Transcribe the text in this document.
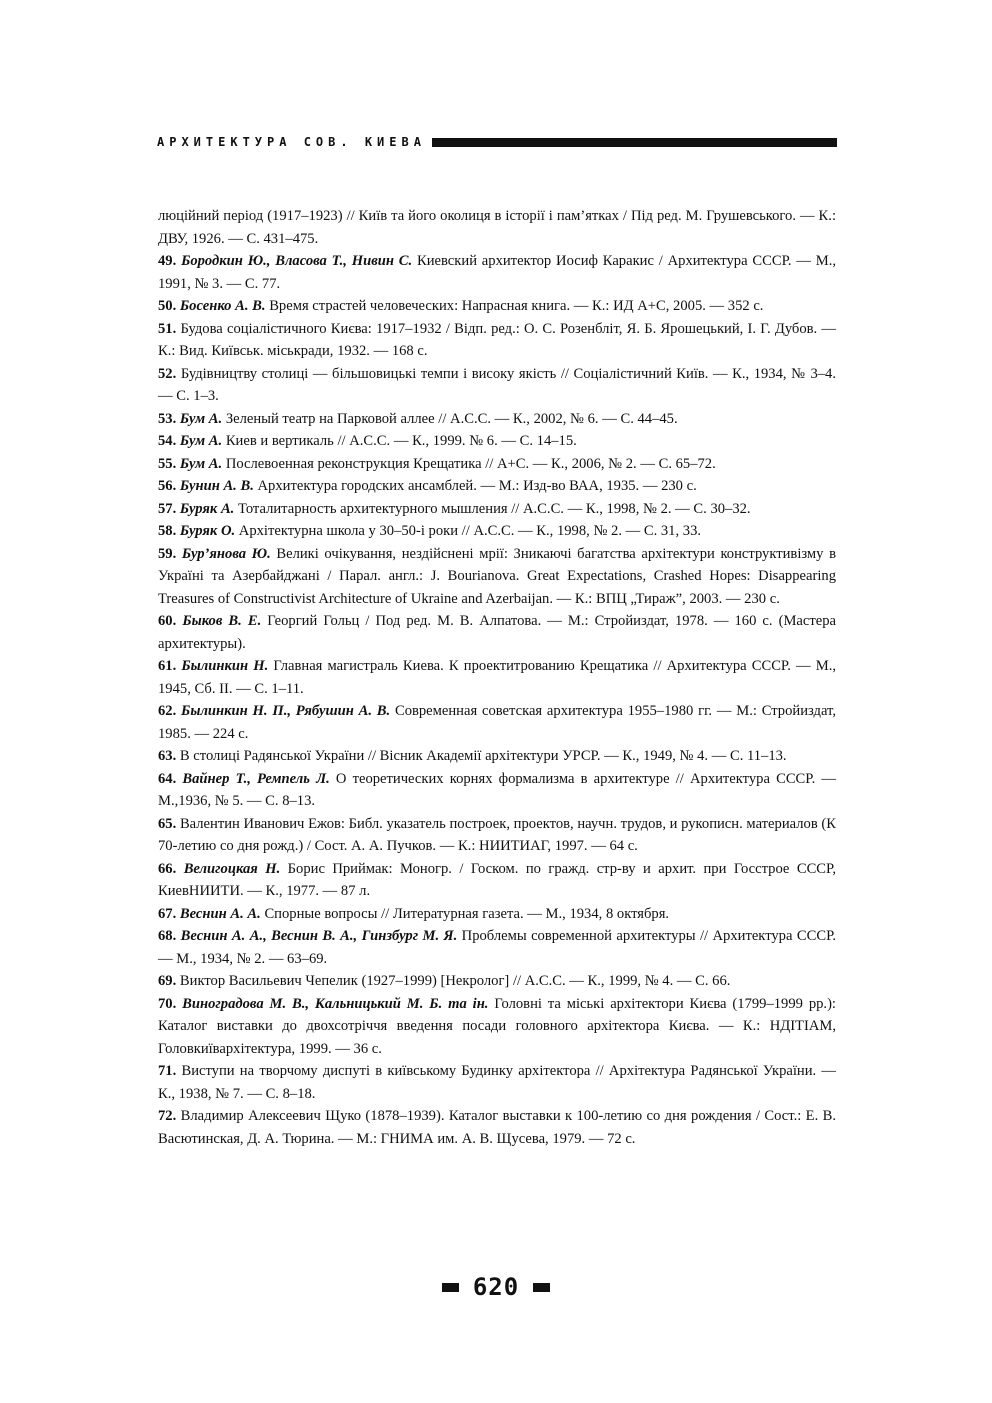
АРХИТЕКТУРА СОВ. КИЕВА

люційний період (1917–1923) // Київ та його околиця в історії і пам’ятках / Під ред. М. Грушевського. — К.: ДВУ, 1926. — С. 431–475.

49. Бородкин Ю., Власова Т., Нивин С. Киевский архитектор Иосиф Каракис / Архитектура СССР. — М., 1991, № 3. — С. 77.

50. Босенко А. В. Время страстей человеческих: Напрасная книга. — К.: ИД А+С, 2005. — 352 с.

51. Будова соціалістичного Києва: 1917–1932 / Відп. ред.: О. С. Розенбліт, Я. Б. Ярошецький, І. Г. Дубов. — К.: Вид. Київськ. міськради, 1932. — 168 с.

52. Будівництву столиці — більшовицькі темпи і високу якість // Соціалістичний Київ. — К., 1934, № 3–4. — С. 1–3.

53. Бум А. Зеленый театр на Парковой аллее // А.С.С. — К., 2002, № 6. — С. 44–45.

54. Бум А. Киев и вертикаль // А.С.С. — К., 1999. № 6. — С. 14–15.

55. Бум А. Послевоенная реконструкция Крещатика // А+С. — К., 2006, № 2. — С. 65–72.

56. Бунин А. В. Архитектура городских ансамблей. — М.: Изд-во ВАА, 1935. — 230 с.

57. Буряк А. Тоталитарность архитектурного мышления // А.С.С. — К., 1998, № 2. — С. 30–32.

58. Буряк О. Архітектурна школа у 30–50-і роки // А.С.С. — К., 1998, № 2. — С. 31, 33.

59. Бур’янова Ю. Великі очікування, нездійснені мрії: Зникаючі багатства архітектури конструктивізму в Україні та Азербайджані / Парал. англ.: J. Bourianova. Great Expectations, Crashed Hopes: Disappearing Treasures of Constructivist Architecture of Ukraine and Azerbaijan. — К.: ВПЦ „Тираж”, 2003. — 230 с.

60. Быков В. Е. Георгий Гольц / Под ред. М. В. Алпатова. — М.: Стройиздат, 1978. — 160 с. (Мастера архитектуры).

61. Былинкин Н. Главная магистраль Киева. К проектитрованию Крещатика // Архитектура СССР. — М., 1945, Сб. II. — С. 1–11.

62. Былинкин Н. П., Рябушин А. В. Современная советская архитектура 1955–1980 гг. — М.: Стройиздат, 1985. — 224 с.

63. В столиці Радянської України // Вісник Академії архітектури УРСР. — К., 1949, № 4. — С. 11–13.

64. Вайнер Т., Ремпель Л. О теоретических корнях формализма в архитектуре // Архитектура СССР. — М.,1936, № 5. — С. 8–13.

65. Валентин Иванович Ежов: Библ. указатель построек, проектов, научн. трудов, и рукописн. материалов (К 70-летию со дня рожд.) / Сост. А. А. Пучков. — К.: НИИТИАГ, 1997. — 64 с.

66. Велигоцкая Н. Борис Приймак: Моногр. / Госком. по гражд. стр-ву и архит. при Госстрое СССР, КиевНИИТИ. — К., 1977. — 87 л.

67. Веснин А. А. Спорные вопросы // Литературная газета. — М., 1934, 8 октября.

68. Веснин А. А., Веснин В. А., Гинзбург М. Я. Проблемы современной архитектуры // Архитектура СССР. — М., 1934, № 2. — 63–69.

69. Виктор Васильевич Чепелик (1927–1999) [Некролог] // А.С.С. — К., 1999, № 4. — С. 66.

70. Виноградова М. В., Кальницький М. Б. та ін. Головні та міські архітектори Києва (1799–1999 рр.): Каталог виставки до двохсотріччя введення посади головного архітектора Києва. — К.: НДІТІАМ, Головкиївархітектура, 1999. — 36 с.

71. Виступи на творчому диспуті в київському Будинку архітектора // Архітектура Радянської України. — К., 1938, № 7. — С. 8–18.

72. Владимир Алексеевич Щуко (1878–1939). Каталог выставки к 100-летию со дня рождения / Сост.: Е. В. Васютинская, Д. А. Тюрина. — М.: ГНИМА им. А. В. Щусева, 1979. — 72 с.

620
